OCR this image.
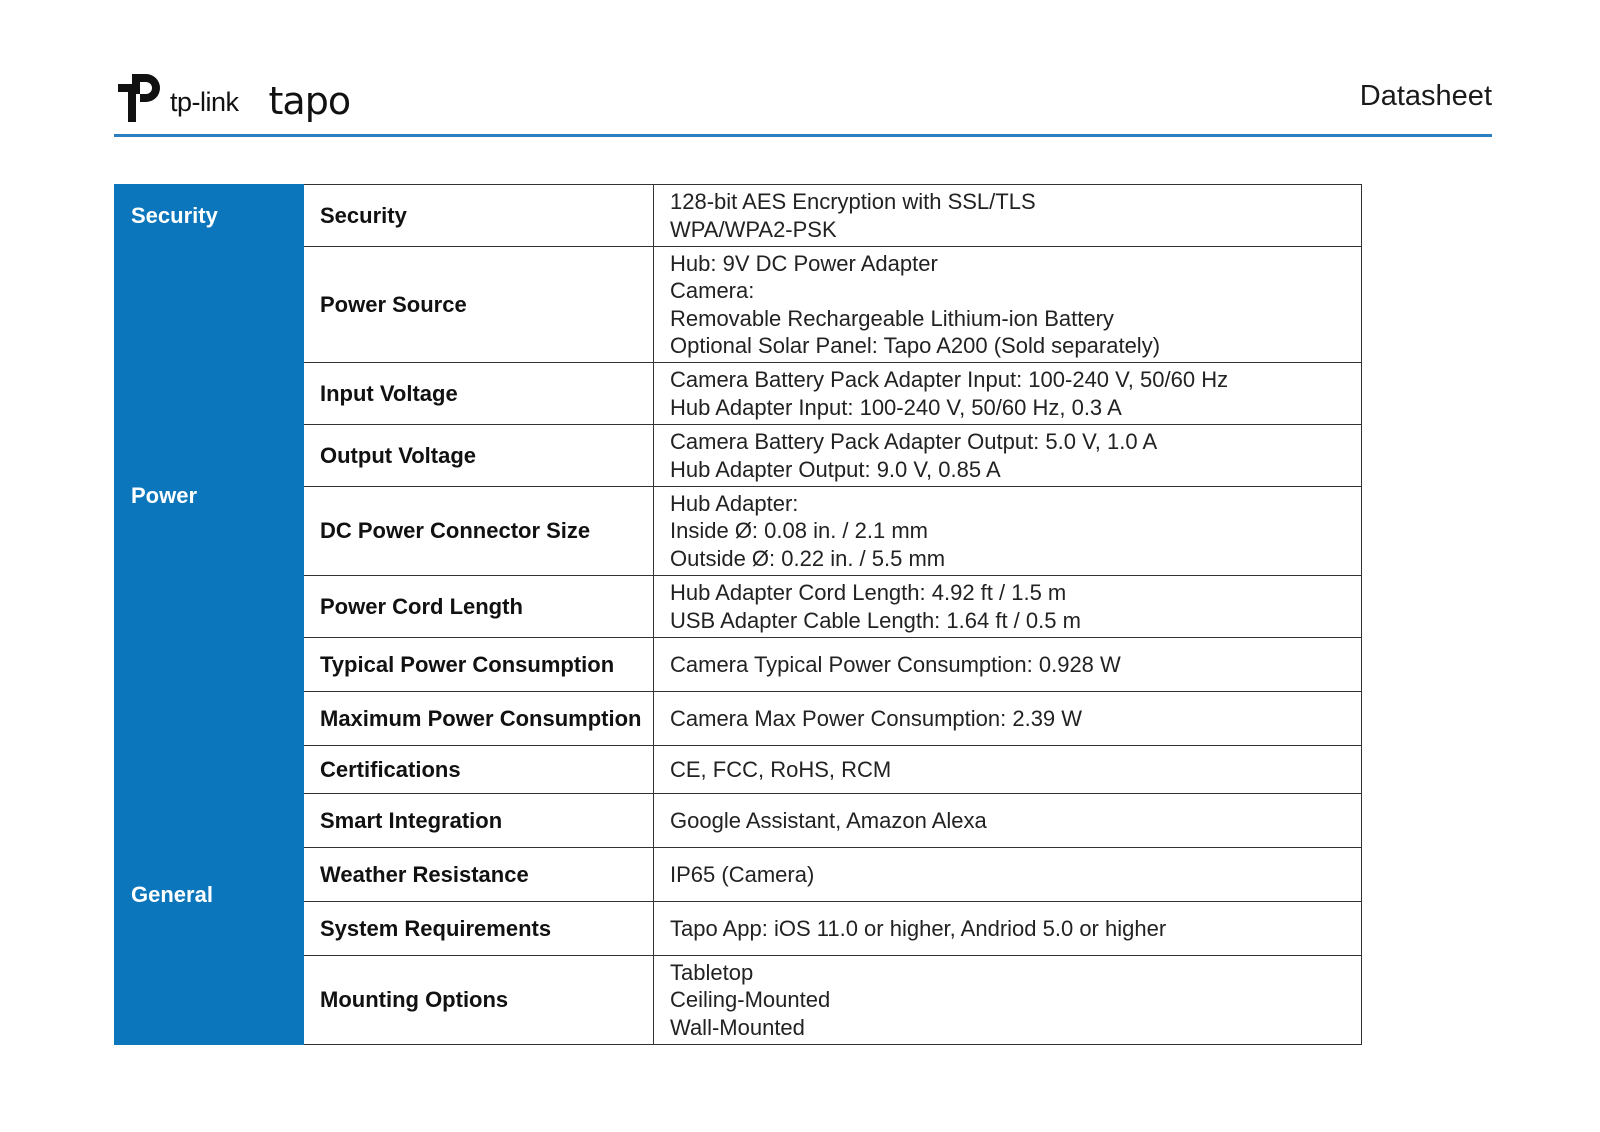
tp-link tapo	Datasheet
Security	Security	128-bit AES Encryption with SSL/TLS
WPA/WPA2-PSK

Power	Power Source	Hub: 9V DC Power Adapter
Camera:
Removable Rechargeable Lithium-ion Battery
Optional Solar Panel: Tapo A200 (Sold separately)

	Input Voltage	Camera Battery Pack Adapter Input: 100-240 V, 50/60 Hz
Hub Adapter Input: 100-240 V, 50/60 Hz, 0.3 A

	Output Voltage	Camera Battery Pack Adapter Output: 5.0 V, 1.0 A
Hub Adapter Output: 9.0 V, 0.85 A

	DC Power Connector Size	Hub Adapter:
Inside Ø: 0.08 in. / 2.1 mm
Outside Ø: 0.22 in. / 5.5 mm

	Power Cord Length	Hub Adapter Cord Length: 4.92 ft / 1.5 m
USB Adapter Cable Length: 1.64 ft / 0.5 m

	Typical Power Consumption	Camera Typical Power Consumption: 0.928 W

	Maximum Power Consumption	Camera Max Power Consumption: 2.39 W

General	Certifications	CE, FCC, RoHS, RCM

	Smart Integration	Google Assistant, Amazon Alexa

	Weather Resistance	IP65 (Camera)

	System Requirements	Tapo App: iOS 11.0 or higher, Andriod 5.0 or higher

	Mounting Options	Tabletop
Ceiling-Mounted
Wall-Mounted
